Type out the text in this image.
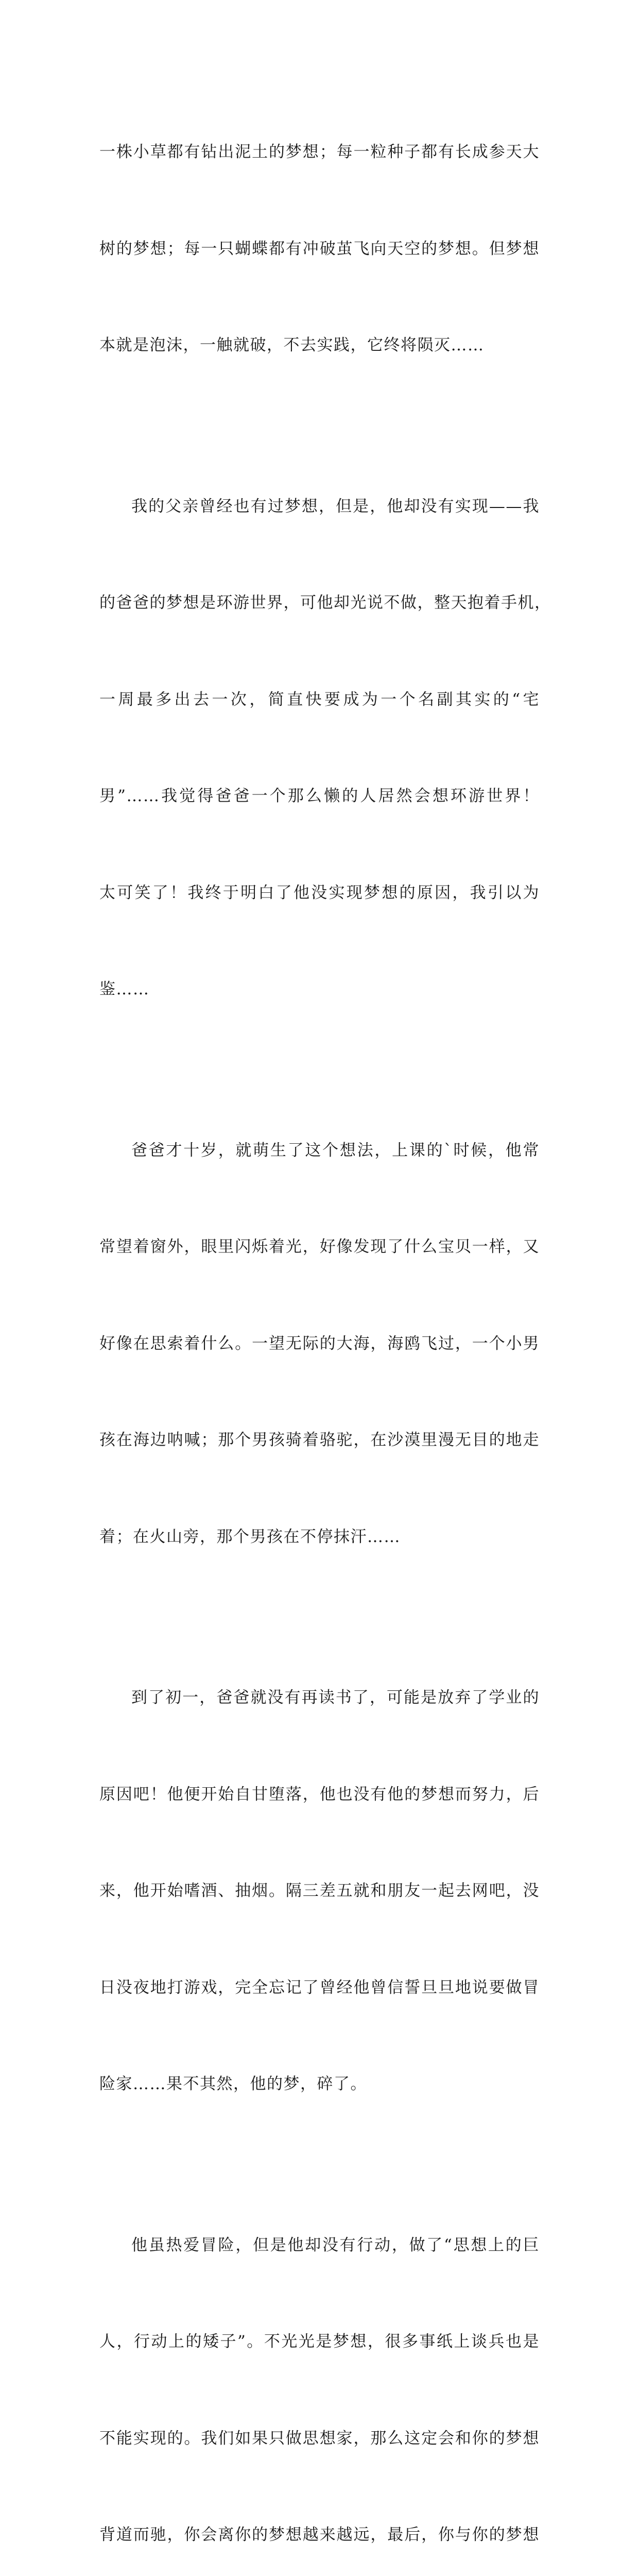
一株小草都有钻出泥土的梦想；每一粒种子都有长成参天大

树的梦想；每一只蝴蝶都有冲破茧飞向天空的梦想。但梦想

本就是泡沫，一触就破，不去实践，它终将陨灭……

我的父亲曾经也有过梦想，但是，他却没有实现——我

的爸爸的梦想是环游世界，可他却光说不做，整天抱着手机，

一周最多出去一次，简直快要成为一个名副其实的“宅

男”……我觉得爸爸一个那么懒的人居然会想环游世界！

太可笑了！我终于明白了他没实现梦想的原因，我引以为

鉴……

爸爸才十岁，就萌生了这个想法，上课的`时候，他常

常望着窗外，眼里闪烁着光，好像发现了什么宝贝一样，又

好像在思索着什么。一望无际的大海，海鸥飞过，一个小男

孩在海边呐喊；那个男孩骑着骆驼，在沙漠里漫无目的地走

着；在火山旁，那个男孩在不停抹汗……

到了初一，爸爸就没有再读书了，可能是放弃了学业的

原因吧！他便开始自甘堕落，他也没有他的梦想而努力，后

来，他开始嗜酒、抽烟。隔三差五就和朋友一起去网吧，没

日没夜地打游戏，完全忘记了曾经他曾信誓旦旦地说要做冒

险家……果不其然，他的梦，碎了。

他虽热爱冒险，但是他却没有行动，做了“思想上的巨

人，行动上的矮子”。不光光是梦想，很多事纸上谈兵也是

不能实现的。我们如果只做思想家，那么这定会和你的梦想

背道而驰，你会离你的梦想越来越远，最后，你与你的梦想
